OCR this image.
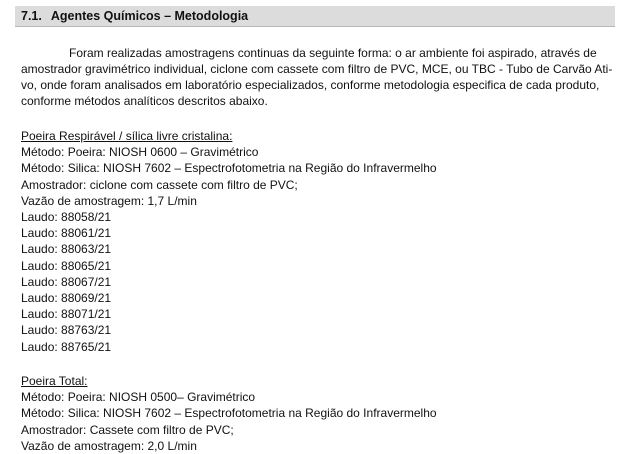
7.1. Agentes Químicos – Metodologia

Foram realizadas amostragens continuas da seguinte forma: o ar ambiente foi aspirado, através de amostrador gravimétrico individual, ciclone com cassete com filtro de PVC, MCE, ou TBC - Tubo de Carvão Ati- vo, onde foram analisados em laboratório especializados, conforme metodologia especifica de cada produto, conforme métodos analíticos descritos abaixo.

Poeira Respirável / sílica livre cristalina:
Método: Poeira: NIOSH 0600 – Gravimétrico
Método: Silica: NIOSH 7602 – Espectrofotometria na Região do Infravermelho
Amostrador: ciclone com cassete com filtro de PVC;
Vazão de amostragem: 1,7 L/min
Laudo: 88058/21
Laudo: 88061/21
Laudo: 88063/21
Laudo: 88065/21
Laudo: 88067/21
Laudo: 88069/21
Laudo: 88071/21
Laudo: 88763/21
Laudo: 88765/21
Poeira Total:
Método: Poeira: NIOSH 0500– Gravimétrico
Método: Silica: NIOSH 7602 – Espectrofotometria na Região do Infravermelho
Amostrador: Cassete com filtro de PVC;
Vazão de amostragem: 2,0 L/min
